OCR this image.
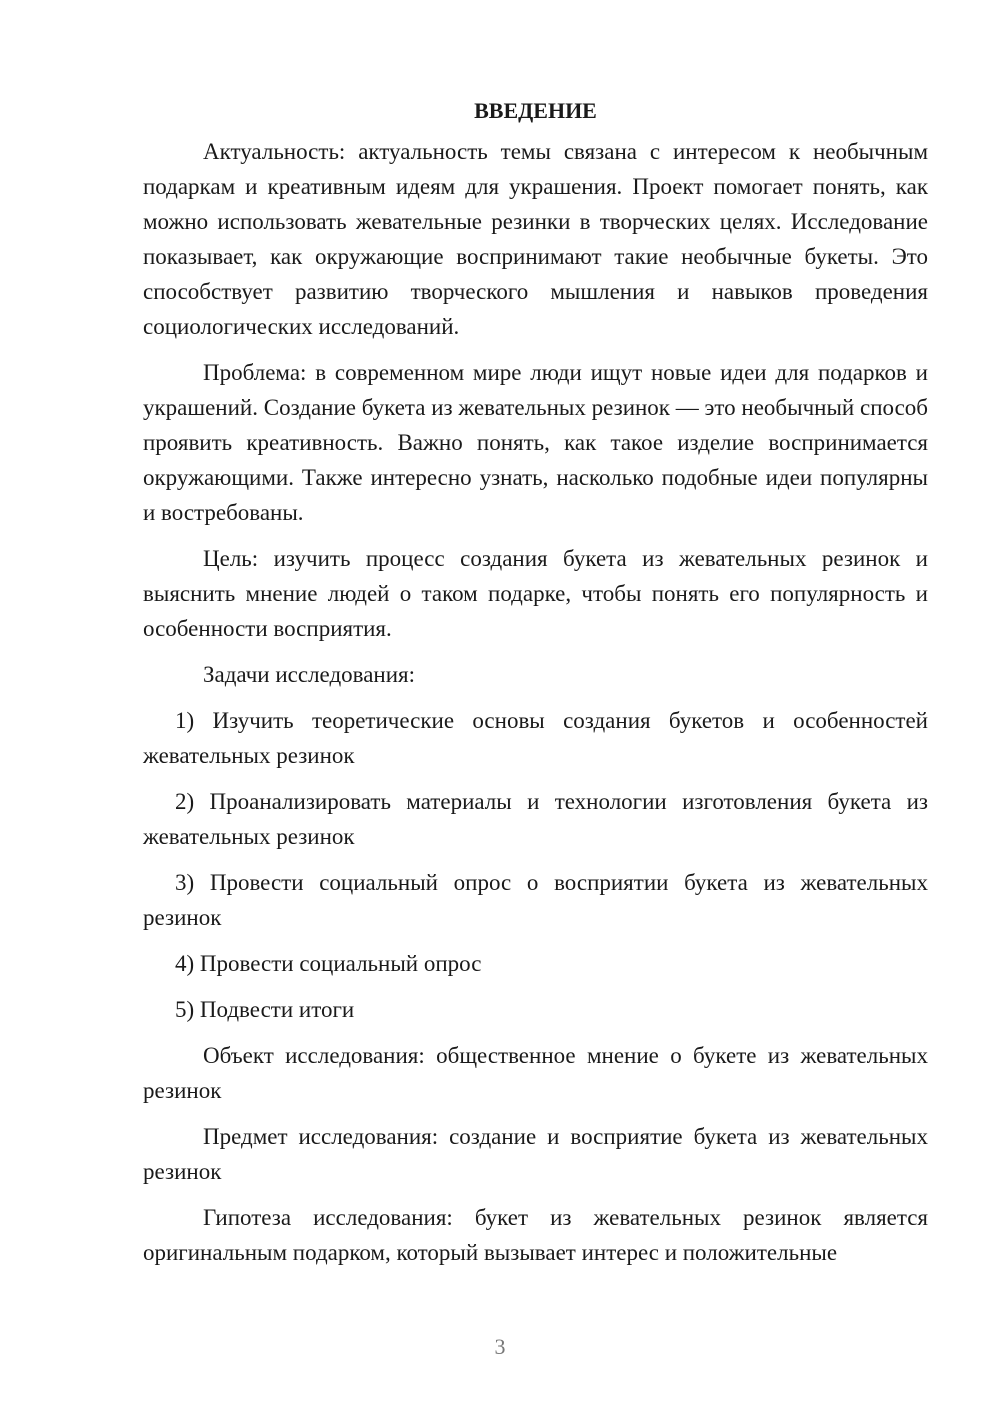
ВВЕДЕНИЕ

Актуальность: актуальность темы связана с интересом к необычным подаркам и креативным идеям для украшения. Проект помогает понять, как можно использовать жевательные резинки в творческих целях. Исследование показывает, как окружающие воспринимают такие необычные букеты. Это способствует развитию творческого мышления и навыков проведения социологических исследований.

Проблема: в современном мире люди ищут новые идеи для подарков и украшений. Создание букета из жевательных резинок — это необычный способ проявить креативность. Важно понять, как такое изделие воспринимается окружающими. Также интересно узнать, насколько подобные идеи популярны и востребованы.

Цель: изучить процесс создания букета из жевательных резинок и выяснить мнение людей о таком подарке, чтобы понять его популярность и особенности восприятия.

Задачи исследования:

1) Изучить теоретические основы создания букетов и особенностей жевательных резинок

2) Проанализировать материалы и технологии изготовления букета из жевательных резинок

3) Провести социальный опрос о восприятии букета из жевательных резинок

4) Провести социальный опрос

5) Подвести итоги

Объект исследования: общественное мнение о букете из жевательных резинок

Предмет исследования: создание и восприятие букета из жевательных резинок

Гипотеза исследования: букет из жевательных резинок является оригинальным подарком, который вызывает интерес и положительные

3
